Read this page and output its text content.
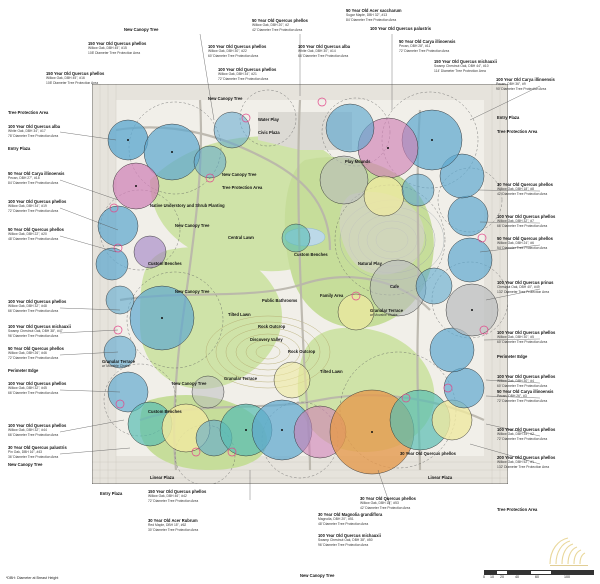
New Canopy Tree
50 Year Old Quercus phellos
Willow Oak, DBH 20", #2
42' Diameter Tree Protection Area
50 Year Old Acer saccharum
Sugar Maple, DBH 32", #13
84' Diameter Tree Protection Area
100 Year Old Quercus palustris
150 Year Old Quercus phellos
Willow Oak, DBH 45", #15
108' Diameter Tree Protection Area
100 Year Old Quercus phellos
Willow Oak, DBH 30", #22
60' Diameter Tree Protection Area
100 Year Old Quercus alba
White Oak, DBH 30", #14
66' Diameter Tree Protection Area
50 Year Old Carya illinoensis
Pecan, DBH 28", #11
72' Diameter Tree Protection Area
150 Year Old Quercus michauxii
Swamp Chestnut Oak, DBH 44", #10
114' Diameter Tree Protection Area
150 Year Old Quercus phellos
Willow Oak, DBH 45", #16
108' Diameter Tree Protection Area
100 Year Old Quercus phellos
Willow Oak, DBH 34", #21
72' Diameter Tree Protection Area	100 Year Old Carya illinoensis
Pecan, DBH 36", #9
90' Diameter Tree Protection Area
New Canopy Tree
Tree Protection Area
Entry Plaza
100 Year Old Quercus alba
White Oak, DBH 34", #17
78' Diameter Tree Protection Area
Water Play
Civic Plaza	Tree Protection Area
Entry Plaza
Play Mounds
50 Year Old Carya illinoensis
Pecan, DBH 27", #18
84' Diameter Tree Protection Area
New Canopy Tree
Tree Protection Area
30 Year Old Quercus phellos
Willow Oak, DBH 18", #8
42' Diameter Tree Protection Area
100 Year Old Quercus phellos
Willow Oak, DBH 34", #19
72' Diameter Tree Protection Area
Native Understory and Shrub Planting
50 Year Old Quercus phellos
Willow Oak, DBH 22", #20
48' Diameter Tree Protection Area
New Canopy Tree
Central Lawn
100 Year Old Quercus phellos
Willow Oak, DBH 32", #7
66' Diameter Tree Protection Area
50 Year Old Quercus phellos
Willow Oak, DBH 24", #6
54' Diameter Tree Protection Area
Custom Benches
Custom Benches
Natural Play
Cafe
New Canopy Tree
Public Bathrooms
Family Area
100 Year Old Quercus prinus
Chestnut Oak, DBH 40", #49
132' Diameter Tree Protection Area
100 Year Old Quercus phellos
Willow Oak, DBH 32", #48
66' Diameter Tree Protection Area	Granular Terrace
w/ Movable Chairs
Tilted Lawn
100 Year Old Quercus michauxii
Swamp Chestnut Oak, DBH 38", #47
96' Diameter Tree Protection Area
Rock Outcrop
Discovery Valley
100 Year Old Quercus phellos
Willow Oak, DBH 30", #5
60' Diameter Tree Protection Area
50 Year Old Quercus phellos
Willow Oak, DBH 26", #46
72' Diameter Tree Protection Area
Rock Outcrop
Perimeter Edge
Perimeter Edge
Granular Terrace
w/ Movable Chairs
Tilted Lawn
Granular Terrace
New Canopy Tree
100 Year Old Quercus phellos
Willow Oak, DBH 32", #45
66' Diameter Tree Protection Area
100 Year Old Quercus phellos
Willow Oak, DBH 30", #4
60' Diameter Tree Protection Area
50 Year Old Carya illinoensis
Pecan, DBH 26", #3
72' Diameter Tree Protection Area
Custom Benches
100 Year Old Quercus phellos
Willow Oak, DBH 32", #44
66' Diameter Tree Protection Area
100 Year Old Quercus phellos
Willow Oak, DBH 34", #2
72' Diameter Tree Protection Area
30 Year Old Quercus palustris
Pin Oak, DBH 16", #43
36' Diameter Tree Protection Area
30 Year Old Quercus phellos
200 Year Old Quercus phellos
Willow Oak, DBH 52", #1
132' Diameter Tree Protection Area
New Canopy Tree
Linear Plaza	Linear Plaza
Entry Plaza	150 Year Old Quercus phellos
Willow Oak, DBH 46", #42
72' Diameter Tree Protection Area	30 Year Old Quercus phellos
Willow Oak, DBH 18", #53
42' Diameter Tree Protection Area	Tree Protection Area
30 Year Old Magnolia grandiflora
Magnolia, DBH 20", #51
48' Diameter Tree Protection Area
30 Year Old Acer Rubrum
Red Maple, DBH 15", #62
30' Diameter Tree Protection Area
100 Year Old Quercus michauxii
Swamp Chestnut Oak, DBH 38", #50
96' Diameter Tree Protection Area
New Canopy Tree
*DBH: Diameter at Breast Height	0	10	20	40	60	100
